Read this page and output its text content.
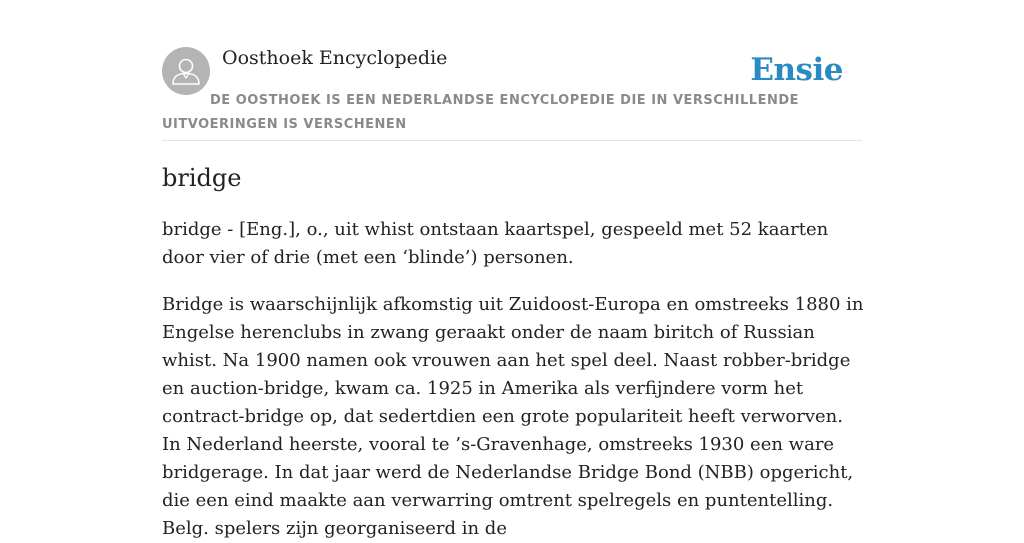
Oosthoek Encyclopedie	Ensie
DE OOSTHOEK IS EEN NEDERLANDSE ENCYCLOPEDIE DIE IN VERSCHILLENDE UITVOERINGEN IS VERSCHENEN
bridge

bridge - [Eng.], o., uit whist ontstaan kaartspel, gespeeld met 52 kaarten door vier of drie (met een ‘blinde’) personen.

Bridge is waarschijnlijk afkomstig uit Zuidoost-Europa en omstreeks 1880 in Engelse herenclubs in zwang geraakt onder de naam biritch of Russian whist. Na 1900 namen ook vrouwen aan het spel deel. Naast robber-bridge en auction-bridge, kwam ca. 1925 in Amerika als verfijndere vorm het contract-bridge op, dat sedertdien een grote populariteit heeft verworven. In Nederland heerste, vooral te ’s-Gravenhage, omstreeks 1930 een ware bridgerage. In dat jaar werd de Nederlandse Bridge Bond (NBB) opgericht, die een eind maakte aan verwarring omtrent spelregels en puntentelling. Belg. spelers zijn georganiseerd in de
